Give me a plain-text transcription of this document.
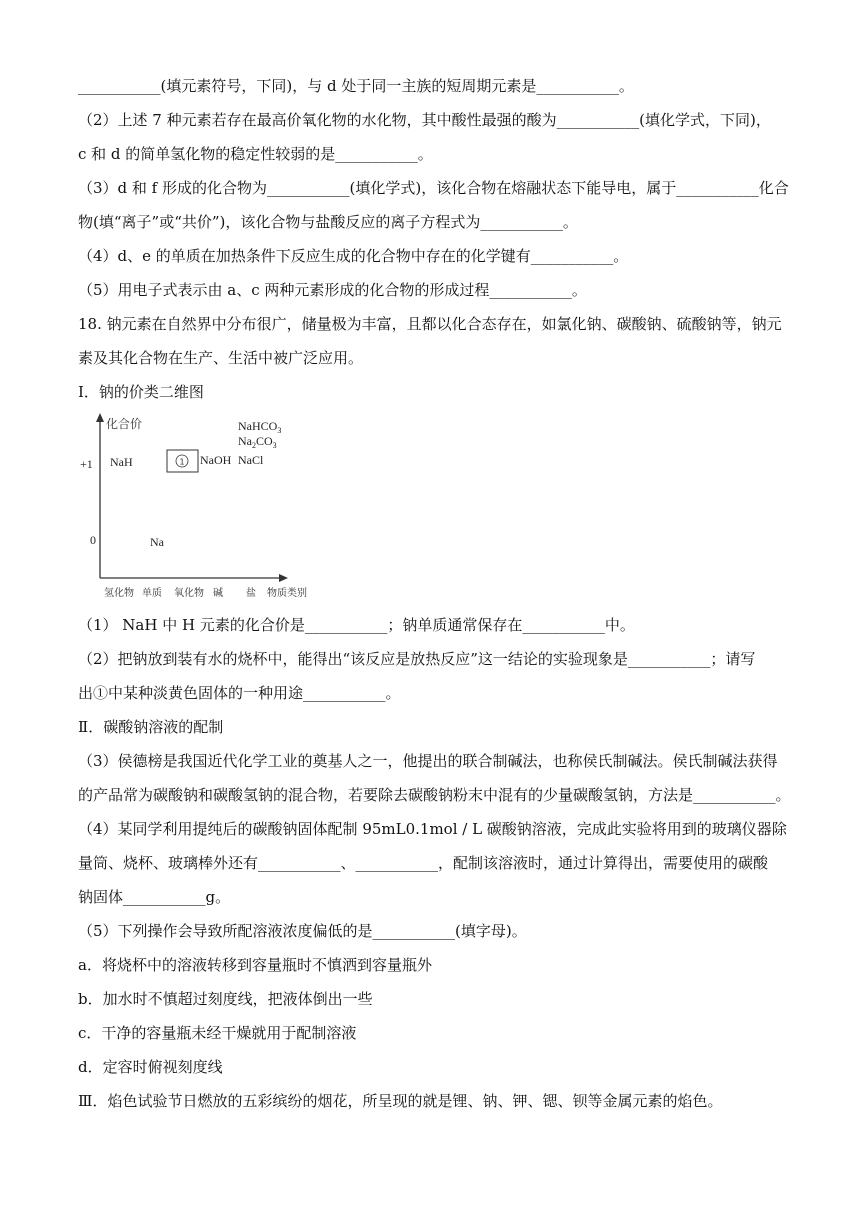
___________(填元素符号，下同)，与 d 处于同一主族的短周期元素是___________。
（2）上述 7 种元素若存在最高价氧化物的水化物，其中酸性最强的酸为___________(填化学式，下同)，
c 和 d 的简单氢化物的稳定性较弱的是___________。
（3）d 和 f 形成的化合物为___________(填化学式)，该化合物在熔融状态下能导电，属于___________化合
物(填“离子”或“共价”)，该化合物与盐酸反应的离子方程式为___________。
（4）d、e 的单质在加热条件下反应生成的化合物中存在的化学键有___________。
（5）用电子式表示由 a、c 两种元素形成的化合物的形成过程___________。
18. 钠元素在自然界中分布很广，储量极为丰富，且都以化合态存在，如氯化钠、碳酸钠、硫酸钠等，钠元
素及其化合物在生产、生活中被广泛应用。
Ⅰ．钠的价类二维图
化合价
+1
0
氢化物 单质 氧化物 碱 盐 物质类别
NaH	1 NaOH NaCl
NaHCO$_3$
$Na_2CO_3$
Na
（1） NaH 中 H 元素的化合价是___________；钠单质通常保存在___________中。
（2）把钠放到装有水的烧杯中，能得出“该反应是放热反应”这一结论的实验现象是___________；请写
出①中某种淡黄色固体的一种用途___________。
Ⅱ．碳酸钠溶液的配制
（3）侯德榜是我国近代化学工业的奠基人之一，他提出的联合制碱法，也称侯氏制碱法。侯氏制碱法获得
的产品常为碳酸钠和碳酸氢钠的混合物，若要除去碳酸钠粉末中混有的少量碳酸氢钠，方法是___________。
（4）某同学利用提纯后的碳酸钠固体配制 95mL0.1mol / L 碳酸钠溶液，完成此实验将用到的玻璃仪器除
量筒、烧杯、玻璃棒外还有___________、___________，配制该溶液时，通过计算得出，需要使用的碳酸
钠固体___________g。
（5）下列操作会导致所配溶液浓度偏低的是___________(填字母)。
a．将烧杯中的溶液转移到容量瓶时不慎洒到容量瓶外
b．加水时不慎超过刻度线，把液体倒出一些
c．干净的容量瓶未经干燥就用于配制溶液
d．定容时俯视刻度线
Ⅲ．焰色试验节日燃放的五彩缤纷的烟花，所呈现的就是锂、钠、钾、锶、钡等金属元素的焰色。
